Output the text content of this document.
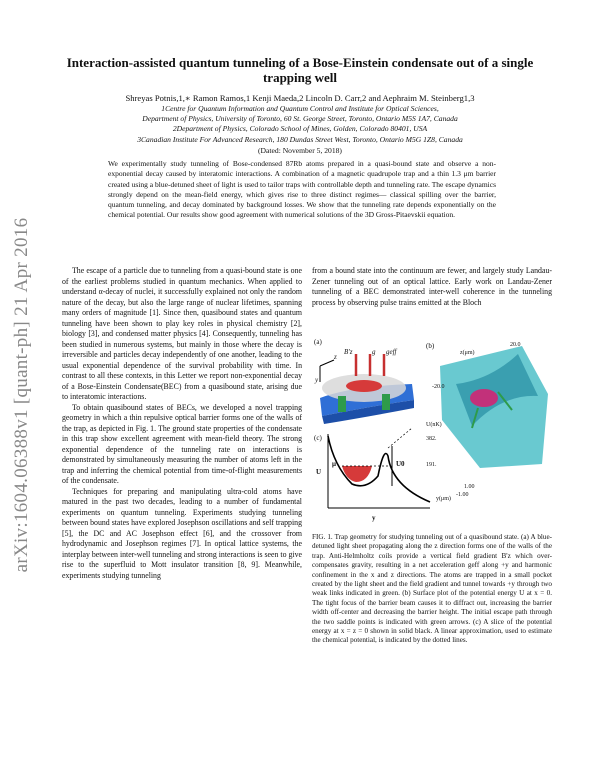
arXiv:1604.06388v1 [quant-ph] 21 Apr 2016
Interaction-assisted quantum tunneling of a Bose-Einstein condensate out of a single trapping well
Shreyas Potnis,1,∗ Ramon Ramos,1 Kenji Maeda,2 Lincoln D. Carr,2 and Aephraim M. Steinberg1,3
1Centre for Quantum Information and Quantum Control and Institute for Optical Sciences,
Department of Physics, University of Toronto, 60 St. George Street, Toronto, Ontario M5S 1A7, Canada
2Department of Physics, Colorado School of Mines, Golden, Colorado 80401, USA
3Canadian Institute For Advanced Research, 180 Dundas Street West, Toronto, Ontario M5G 1Z8, Canada
(Dated: November 5, 2018)
We experimentally study tunneling of Bose-condensed 87Rb atoms prepared in a quasi-bound state and observe a non-exponential decay caused by interatomic interactions. A combination of a magnetic quadrupole trap and a thin 1.3 μm barrier created using a blue-detuned sheet of light is used to tailor traps with controllable depth and tunneling rate. The escape dynamics strongly depend on the mean-field energy, which gives rise to three distinct regimes— classical spilling over the barrier, quantum tunneling, and decay dominated by background losses. We show that the tunneling rate depends exponentially on the chemical potential. Our results show good agreement with numerical solutions of the 3D Gross-Pitaevskii equation.

The escape of a particle due to tunneling from a quasi-bound state is one of the earliest problems studied in quantum mechanics. When applied to understand α-decay of nuclei, it successfully explained not only the random nature of the decay, but also the large range of nuclear lifetimes, spanning many orders of magnitude [1]. Since then, quasibound states and quantum tunneling have been shown to play key roles in physical chemistry [2], biology [3], and condensed matter physics [4]. Consequently, tunneling has been studied in numerous systems, but mainly in those where the decay is irreversible and particles decay independently of one another, leading to the usual exponential dependence of the survival probability with time. In contrast to all these contexts, in this Letter we report non-exponential decay of a Bose-Einstein Condensate(BEC) from a quasibound state, arising due to interatomic interactions.

To obtain quasibound states of BECs, we developed a novel trapping geometry in which a thin repulsive optical barrier forms one of the walls of the trap, as depicted in Fig. 1. The ground state properties of the condensate in this trap show excellent agreement with mean-field theory. The strong exponential dependence of the tunneling rate on interactions is demonstrated by simultaneously measuring the number of atoms left in the trap and inferring the chemical potential from time-of-flight measurements of the condensate.

Techniques for preparing and manipulating ultra-cold atoms have matured in the past two decades, leading to a number of fundamental experiments on quantum tunneling. Experiments studying tunneling between bound states have explored Josephson oscillations and self trapping [5], the DC and AC Josephson effect [6], and the crossover from hydrodynamic and Josephson regimes [7]. In optical lattice systems, the interplay between inter-well tunneling and strong interactions is seen to give rise to the superfluid to Mott insulator transition [8, 9]. Meanwhile, experiments studying tunneling

from a bound state into the continuum are fewer, and largely study Landau-Zener tunneling out of an optical lattice. Early work on Landau-Zener tunneling of a BEC demonstrated inter-well coherence in the tunneling process by observing pulse trains emitted at the Bloch

(a)	(b)
(c)
z
y
B'z	g geff	z(μm)
20.0
-20.0
U(nK)
382.
191.
y(μm)
1.00
-1.00
U
μ	U0
y
FIG. 1. Trap geometry for studying tunneling out of a quasibound state. (a) A blue-detuned light sheet propagating along the z direction forms one of the walls of the trap. Anti-Helmholtz coils provide a vertical field gradient B'z which over-compensates gravity, resulting in a net acceleration geff along +y and harmonic confinement in the x and z directions. The atoms are trapped in a small pocket created by the light sheet and the field gradient and tunnel towards +y through two weak links indicated in green. (b) Surface plot of the potential energy U at x = 0. The tight focus of the barrier beam causes it to diffract out, increasing the barrier width off-center and decreasing the barrier height. The initial escape path through the two saddle points is indicated with green arrows. (c) A slice of the potential energy at x = z = 0 shown in solid black. A linear approximation, used to estimate the chemical potential, is indicated by the dotted lines.
